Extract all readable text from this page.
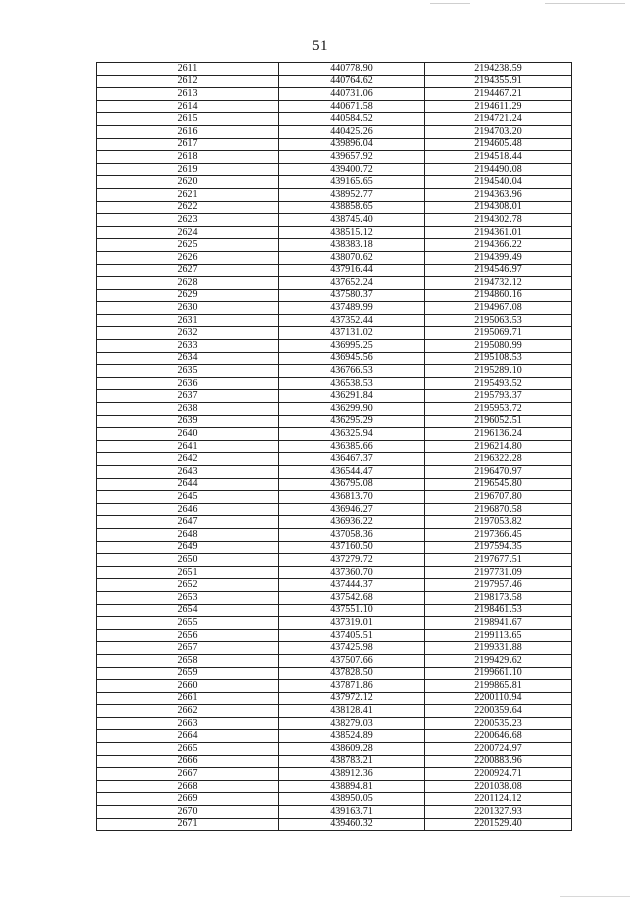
51
2611	440778.90	2194238.59
2612	440764.62	2194355.91
2613	440731.06	2194467.21
2614	440671.58	2194611.29
2615	440584.52	2194721.24
2616	440425.26	2194703.20
2617	439896.04	2194605.48
2618	439657.92	2194518.44
2619	439400.72	2194490.08
2620	439165.65	2194540.04
2621	438952.77	2194363.96
2622	438858.65	2194308.01
2623	438745.40	2194302.78
2624	438515.12	2194361.01
2625	438383.18	2194366.22
2626	438070.62	2194399.49
2627	437916.44	2194546.97
2628	437652.24	2194732.12
2629	437580.37	2194860.16
2630	437489.99	2194967.08
2631	437352.44	2195063.53
2632	437131.02	2195069.71
2633	436995.25	2195080.99
2634	436945.56	2195108.53
2635	436766.53	2195289.10
2636	436538.53	2195493.52
2637	436291.84	2195793.37
2638	436299.90	2195953.72
2639	436295.29	2196052.51
2640	436325.94	2196136.24
2641	436385.66	2196214.80
2642	436467.37	2196322.28
2643	436544.47	2196470.97
2644	436795.08	2196545.80
2645	436813.70	2196707.80
2646	436946.27	2196870.58
2647	436936.22	2197053.82
2648	437058.36	2197366.45
2649	437160.50	2197594.35
2650	437279.72	2197677.51
2651	437360.70	2197731.09
2652	437444.37	2197957.46
2653	437542.68	2198173.58
2654	437551.10	2198461.53
2655	437319.01	2198941.67
2656	437405.51	2199113.65
2657	437425.98	2199331.88
2658	437507.66	2199429.62
2659	437828.50	2199661.10
2660	437871.86	2199865.81
2661	437972.12	2200110.94
2662	438128.41	2200359.64
2663	438279.03	2200535.23
2664	438524.89	2200646.68
2665	438609.28	2200724.97
2666	438783.21	2200883.96
2667	438912.36	2200924.71
2668	438894.81	2201038.08
2669	438950.05	2201124.12
2670	439163.71	2201327.93
2671	439460.32	2201529.40
